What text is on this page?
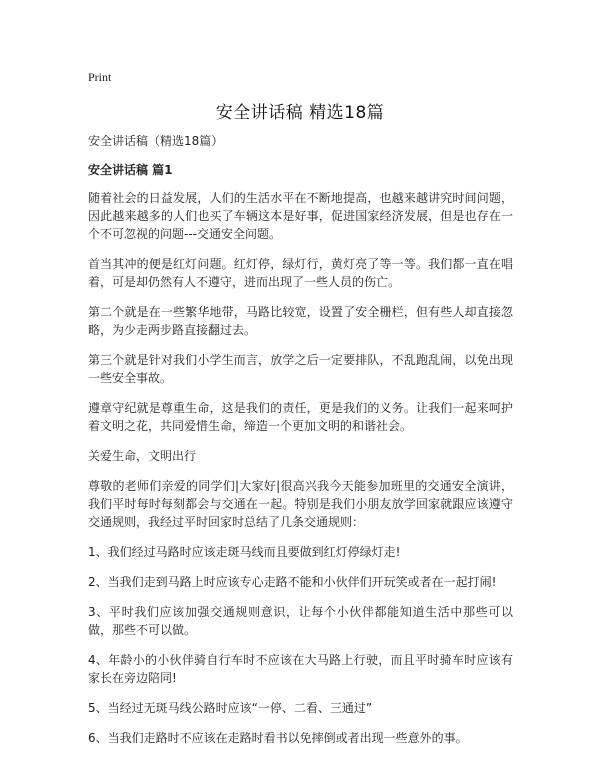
Print
安全讲话稿 精选18篇

安全讲话稿（精选18篇）

安全讲话稿 篇1

随着社会的日益发展，人们的生活水平在不断地提高，也越来越讲究时间问题，因此越来越多的人们也买了车辆这本是好事，促进国家经济发展，但是也存在一个不可忽视的问题---交通安全问题。

首当其冲的便是红灯问题。红灯停，绿灯行，黄灯亮了等一等。我们都一直在唱着，可是却仍然有人不遵守，进而出现了一些人员的伤亡。

第二个就是在一些繁华地带，马路比较宽，设置了安全栅栏，但有些人却直接忽略，为少走两步路直接翻过去。

第三个就是针对我们小学生而言，放学之后一定要排队，不乱跑乱闹，以免出现一些安全事故。

遵章守纪就是尊重生命，这是我们的责任，更是我们的义务。让我们一起来呵护着文明之花，共同爱惜生命，缔造一个更加文明的和谐社会。

关爱生命，文明出行

尊敬的老师们亲爱的同学们|大家好|很高兴我今天能参加班里的交通安全演讲，我们平时每时每刻都会与交通在一起。特别是我们小朋友放学回家就跟应该遵守交通规则，我经过平时回家时总结了几条交通规则：

1、我们经过马路时应该走斑马线而且要做到红灯停绿灯走!

2、当我们走到马路上时应该专心走路不能和小伙伴们开玩笑或者在一起打闹!

3、平时我们应该加强交通规则意识，让每个小伙伴都能知道生活中那些可以做，那些不可以做。

4、年龄小的小伙伴骑自行车时不应该在大马路上行驶，而且平时骑车时应该有家长在旁边陪同!

5、当经过无斑马线公路时应该“一停、二看、三通过”

6、当我们走路时不应该在走路时看书以免摔倒或者出现一些意外的事。
